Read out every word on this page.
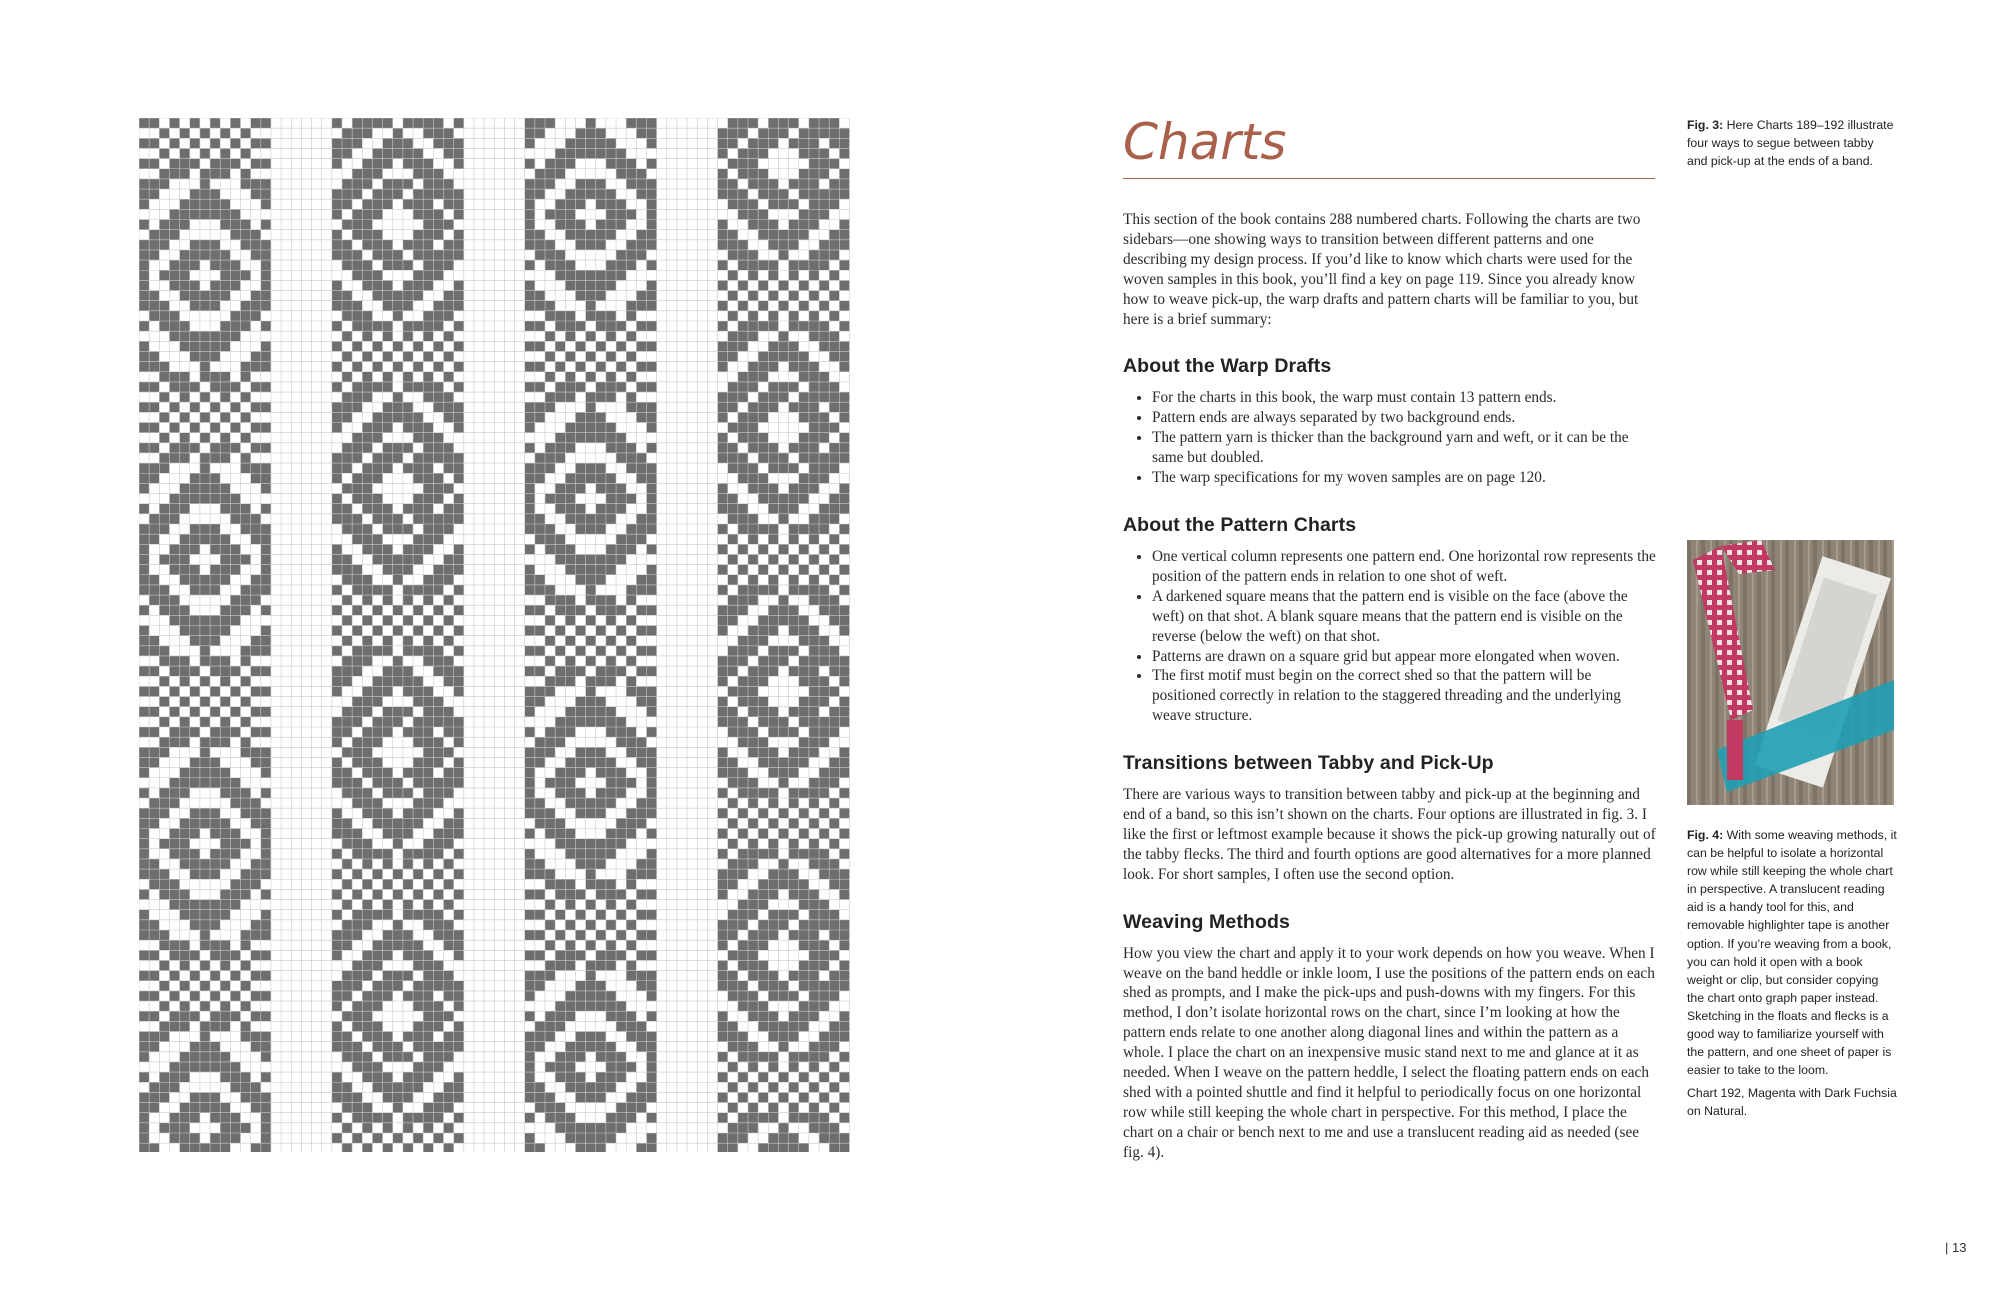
Charts

This section of the book contains 288 numbered charts. Following the charts are two sidebars—one showing ways to transition between different patterns and one describing my design process. If you’d like to know which charts were used for the woven samples in this book, you’ll find a key on page 119. Since you already know how to weave pick-up, the warp drafts and pattern charts will be familiar to you, but here is a brief summary:

About the Warp Drafts
• For the charts in this book, the warp must contain 13 pattern ends.
• Pattern ends are always separated by two background ends.
• The pattern yarn is thicker than the background yarn and weft, or it can be the same but doubled.
• The warp specifications for my woven samples are on page 120.
About the Pattern Charts
• One vertical column represents one pattern end. One horizontal row represents the position of the pattern ends in relation to one shot of weft.
• A darkened square means that the pattern end is visible on the face (above the weft) on that shot. A blank square means that the pattern end is visible on the reverse (below the weft) on that shot.
• Patterns are drawn on a square grid but appear more elongated when woven.
• The first motif must begin on the correct shed so that the pattern will be positioned correctly in relation to the staggered threading and the underlying weave structure.
Transitions between Tabby and Pick-Up

There are various ways to transition between tabby and pick-up at the beginning and end of a band, so this isn’t shown on the charts. Four options are illustrated in fig. 3. I like the first or leftmost example because it shows the pick-up growing naturally out of the tabby flecks. The third and fourth options are good alternatives for a more planned look. For short samples, I often use the second option.

Weaving Methods

How you view the chart and apply it to your work depends on how you weave. When I weave on the band heddle or inkle loom, I use the positions of the pattern ends on each shed as prompts, and I make the pick-ups and push-downs with my fingers. For this method, I don’t isolate horizontal rows on the chart, since I’m looking at how the pattern ends relate to one another along diagonal lines and within the pattern as a whole. I place the chart on an inexpensive music stand next to me and glance at it as needed. When I weave on the pattern heddle, I select the floating pattern ends on each shed with a pointed shuttle and find it helpful to periodically focus on one horizontal row while still keeping the whole chart in perspective. For this method, I place the chart on a chair or bench next to me and use a translucent reading aid as needed (see fig. 4).

Fig. 3: Here Charts 189–192 illustrate four ways to segue between tabby and pick-up at the ends of a band.

Fig. 4: With some weaving methods, it can be helpful to isolate a horizontal row while still keeping the whole chart in perspective. A translucent reading aid is a handy tool for this, and removable highlighter tape is another option. If you’re weaving from a book, you can hold it open with a book weight or clip, but consider copying the chart onto graph paper instead. Sketching in the floats and flecks is a good way to familiarize yourself with the pattern, and one sheet of paper is easier to take to the loom.

Chart 192, Magenta with Dark Fuchsia on Natural.

| 13
